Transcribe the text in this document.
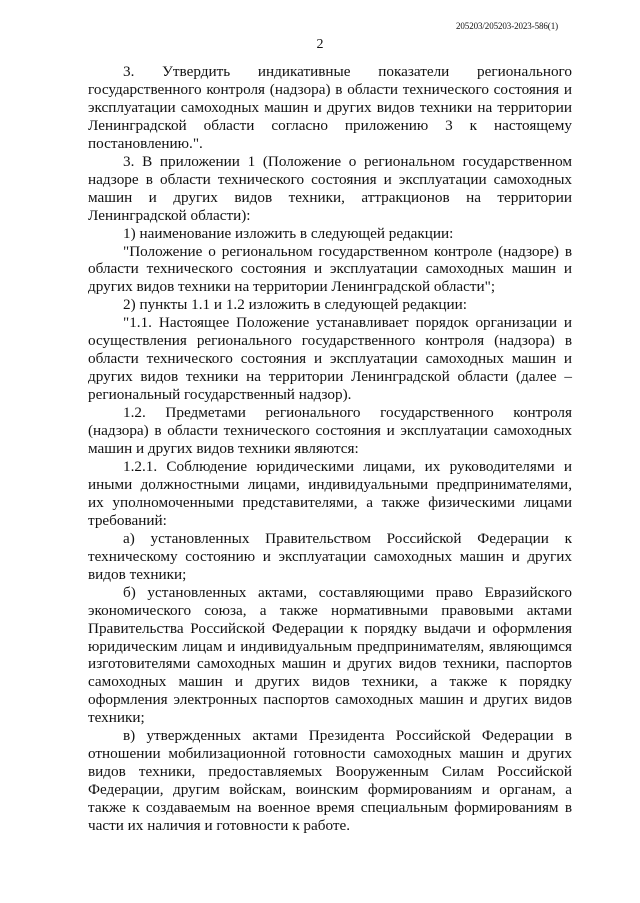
205203/205203-2023-586(1)
2

3. Утвердить индикативные показатели регионального государственного контроля (надзора) в области технического состояния и эксплуатации самоходных машин и других видов техники на территории Ленинградской области согласно приложению 3 к настоящему постановлению.".

3. В приложении 1 (Положение о региональном государственном надзоре в области технического состояния и эксплуатации самоходных машин и других видов техники, аттракционов на территории Ленинградской области):

1) наименование изложить в следующей редакции:

"Положение о региональном государственном контроле (надзоре) в области технического состояния и эксплуатации самоходных машин и других видов техники на территории Ленинградской области";

2) пункты 1.1 и 1.2 изложить в следующей редакции:

"1.1. Настоящее Положение устанавливает порядок организации и осуществления регионального государственного контроля (надзора) в области технического состояния и эксплуатации самоходных машин и других видов техники на территории Ленинградской области (далее – региональный государственный надзор).

1.2. Предметами регионального государственного контроля (надзора) в области технического состояния и эксплуатации самоходных машин и других видов техники являются:

1.2.1. Соблюдение юридическими лицами, их руководителями и иными должностными лицами, индивидуальными предпринимателями, их уполномоченными представителями, а также физическими лицами требований:

а) установленных Правительством Российской Федерации к техническому состоянию и эксплуатации самоходных машин и других видов техники;

б) установленных актами, составляющими право Евразийского экономического союза, а также нормативными правовыми актами Правительства Российской Федерации к порядку выдачи и оформления юридическим лицам и индивидуальным предпринимателям, являющимся изготовителями самоходных машин и других видов техники, паспортов самоходных машин и других видов техники, а также к порядку оформления электронных паспортов самоходных машин и других видов техники;

в) утвержденных актами Президента Российской Федерации в отношении мобилизационной готовности самоходных машин и других видов техники, предоставляемых Вооруженным Силам Российской Федерации, другим войскам, воинским формированиям и органам, а также к создаваемым на военное время специальным формированиям в части их наличия и готовности к работе.
